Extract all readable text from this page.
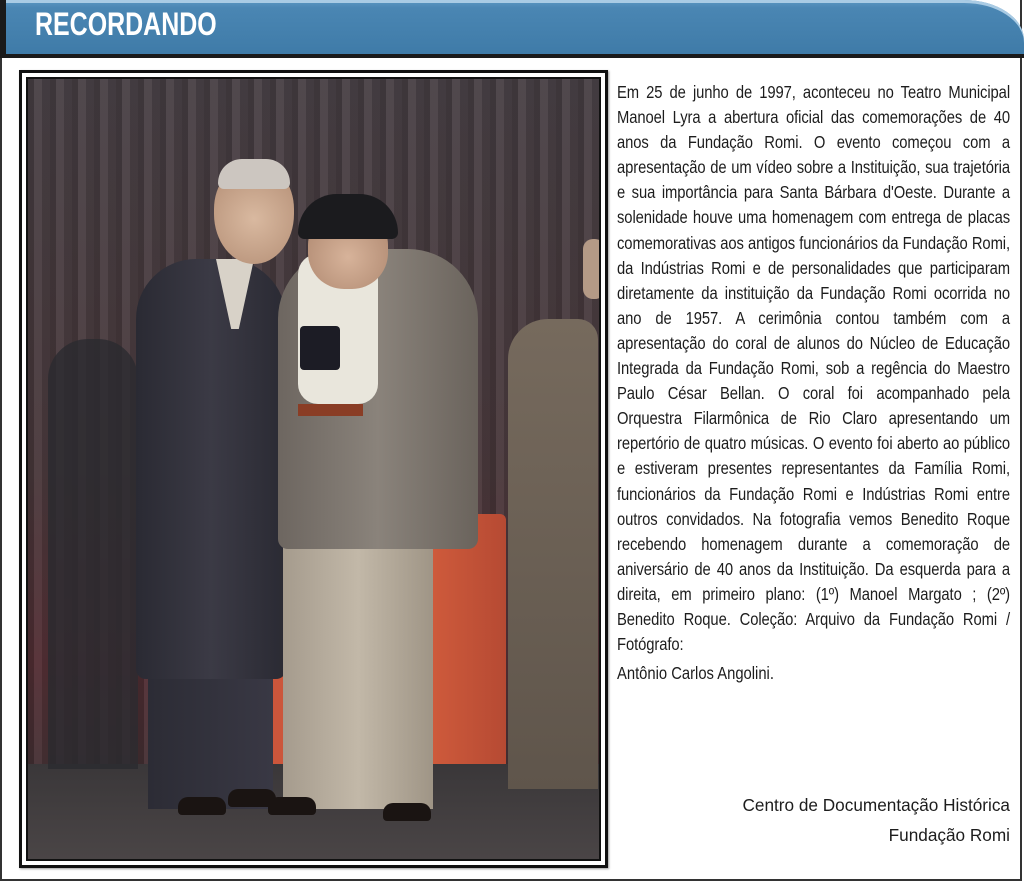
RECORDANDO

Em 25 de junho de 1997, aconteceu no Teatro Municipal Manoel Lyra a abertura oficial das comemorações de 40 anos da Fundação Romi. O evento começou com a apresentação de um vídeo sobre a Instituição, sua trajetória e sua importância para Santa Bárbara d'Oeste. Durante a solenidade houve uma homenagem com entrega de placas comemorativas aos antigos funcionários da Fundação Romi, da Indústrias Romi e de personalidades que participaram diretamente da instituição da Fundação Romi ocorrida no ano de 1957. A cerimônia contou também com a apresentação do coral de alunos do Núcleo de Educação Integrada da Fundação Romi, sob a regência do Maestro Paulo César Bellan. O coral foi acompanhado pela Orquestra Filarmônica de Rio Claro apresentando um repertório de quatro músicas. O evento foi aberto ao público e estiveram presentes representantes da Família Romi, funcionários da Fundação Romi e Indústrias Romi entre outros convidados. Na fotografia vemos Benedito Roque recebendo homenagem durante a comemoração de aniversário de 40 anos da Instituição. Da esquerda para a direita, em primeiro plano: (1º) Manoel Margato ; (2º) Benedito Roque. Coleção: Arquivo da Fundação Romi / Fotógrafo:

Antônio Carlos Angolini.

Centro de Documentação Histórica
Fundação Romi
